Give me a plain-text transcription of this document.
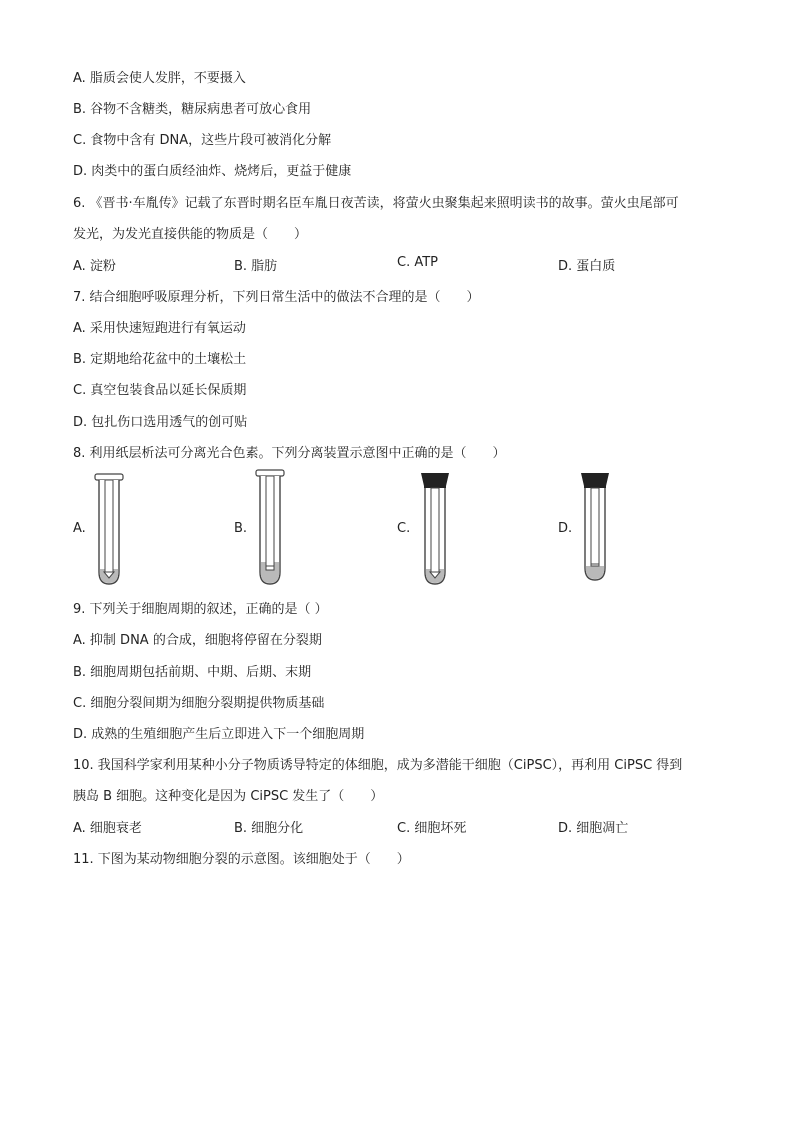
A. 脂质会使人发胖，不要摄入
B. 谷物不含糖类，糖尿病患者可放心食用
C. 食物中含有 DNA，这些片段可被消化分解
D. 肉类中的蛋白质经油炸、烧烤后，更益于健康
6. 《晋书·车胤传》记载了东晋时期名臣车胤日夜苦读，将萤火虫聚集起来照明读书的故事。萤火虫尾部可
发光，为发光直接供能的物质是（　　）
A. 淀粉	B. 脂肪	C. ATP	D. 蛋白质
7. 结合细胞呼吸原理分析，下列日常生活中的做法不合理的是（　　）
A. 采用快速短跑进行有氧运动
B. 定期地给花盆中的土壤松土
C. 真空包装食品以延长保质期
D. 包扎伤口选用透气的创可贴
8. 利用纸层析法可分离光合色素。下列分离装置示意图中正确的是（　　）
A.	B.	C.	D.
9. 下列关于细胞周期的叙述，正确的是（ ）
A. 抑制 DNA 的合成，细胞将停留在分裂期
B. 细胞周期包括前期、中期、后期、末期
C. 细胞分裂间期为细胞分裂期提供物质基础
D. 成熟的生殖细胞产生后立即进入下一个细胞周期
10. 我国科学家利用某种小分子物质诱导特定的体细胞，成为多潜能干细胞（CiPSC），再利用 CiPSC 得到
胰岛 B 细胞。这种变化是因为 CiPSC 发生了（　　）
A. 细胞衰老	B. 细胞分化	C. 细胞坏死	D. 细胞凋亡
11. 下图为某动物细胞分裂的示意图。该细胞处于（　　）
